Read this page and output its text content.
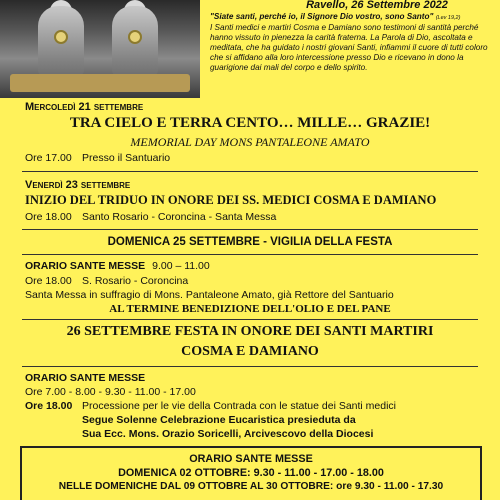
Ravello, 26 Settembre 2022
"Siate santi, perché io, il Signore Dio vostro, sono Santo" (Lev 19,2)
I Santi medici e martiri Cosma e Damiano sono testimoni di santità perché hanno vissuto in pienezza la carità fraterna. La Parola di Dio, ascoltata e meditata, che ha guidato i nostri giovani Santi, infiammi il cuore di tutti coloro che si affidano alla loro intercessione presso Dio e ricevano in dono la guarigione dai mali del corpo e dello spirito.
Mercoledì 21 settembre
TRA CIELO E TERRA CENTO… MILLE… GRAZIE!
MEMORIAL DAY MONS PANTALEONE AMATO
Ore 17.00 Presso il Santuario
Venerdì 23 settembre
INIZIO DEL TRIDUO IN ONORE DEI SS. MEDICI COSMA E DAMIANO
Ore 18.00 Santo Rosario - Coroncina - Santa Messa
DOMENICA 25 SETTEMBRE - VIGILIA DELLA FESTA
ORARIO SANTE MESSE 9.00 – 11.00
Ore 18.00 S. Rosario - Coroncina
Santa Messa in suffragio di Mons. Pantaleone Amato, già Rettore del Santuario
AL TERMINE BENEDIZIONE DELL'OLIO E DEL PANE
26 SETTEMBRE FESTA IN ONORE DEI SANTI MARTIRI
COSMA E DAMIANO
ORARIO SANTE MESSE
Ore 7.00 - 8.00 - 9.30 - 11.00 - 17.00
Ore 18.00 Processione per le vie della Contrada con le statue dei Santi medici
Segue Solenne Celebrazione Eucaristica presieduta da
Sua Ecc. Mons. Orazio Soricelli, Arcivescovo della Diocesi
ORARIO SANTE MESSE
DOMENICA 02 OTTOBRE: 9.30 - 11.00 - 17.00 - 18.00
NELLE DOMENICHE DAL 09 OTTOBRE AL 30 OTTOBRE: ore 9.30 - 11.00 - 17.30
